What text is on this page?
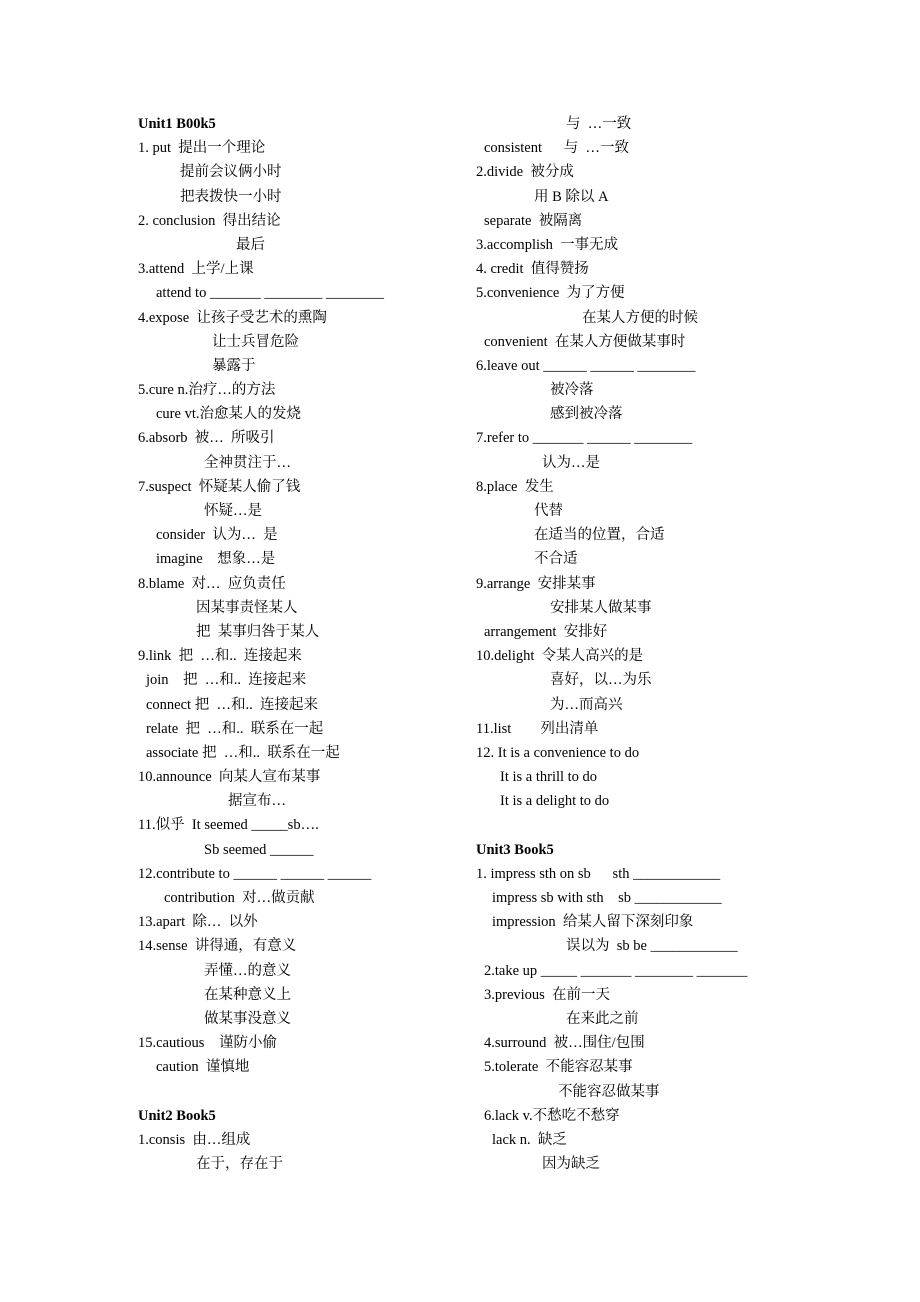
Unit1 B00k5
1. put  提出一个理论
提前会议俩小时
把表拨快一小时
2. conclusion  得出结论
最后
3.attend  上学/上课
attend to _______ ________ ________
4.expose  让孩子受艺术的熏陶
让士兵冒危险
暴露于
5.cure n.治疗…的方法
cure vt.治愈某人的发烧
6.absorb  被…  所吸引
全神贯注于…
7.suspect  怀疑某人偷了钱
怀疑…是
consider  认为…  是
imagine    想象…是
8.blame  对…  应负责任
因某事责怪某人
把  某事归咎于某人
9.link  把  …和..  连接起来
join    把  …和..  连接起来
connect 把  …和..  连接起来
relate  把  …和..  联系在一起
associate 把  …和..  联系在一起
10.announce  向某人宣布某事
据宣布…
11.似乎  It seemed _____sb….
Sb seemed ______
12.contribute to ______ ______ ______
contribution  对…做贡献
13.apart  除…  以外
14.sense  讲得通，有意义
弄懂…的意义
在某种意义上
做某事没意义
15.cautious    谨防小偷
caution  谨慎地
Unit2 Book5
1.consis  由…组成
在于，存在于
与  …一致
consistent      与  …一致
2.divide  被分成
用 B 除以 A
separate  被隔离
3.accomplish  一事无成
4. credit  值得赞扬
5.convenience  为了方便
在某人方便的时候
convenient  在某人方便做某事时
6.leave out ______ ______ ________
被冷落
感到被冷落
7.refer to _______ ______ ________
认为…是
8.place  发生
代替
在适当的位置，合适
不合适
9.arrange  安排某事
安排某人做某事
arrangement  安排好
10.delight  令某人高兴的是
喜好，以…为乐
为…而高兴
11.list        列出清单
12. It is a convenience to do
It is a thrill to do
It is a delight to do
Unit3 Book5
1. impress sth on sb      sth ____________
impress sb with sth    sb ____________
impression  给某人留下深刻印象
误以为  sb be ____________
2.take up _____ _______ ________ _______
3.previous  在前一天
在来此之前
4.surround  被…围住/包围
5.tolerate  不能容忍某事
不能容忍做某事
6.lack v.不愁吃不愁穿
lack n.  缺乏
因为缺乏
